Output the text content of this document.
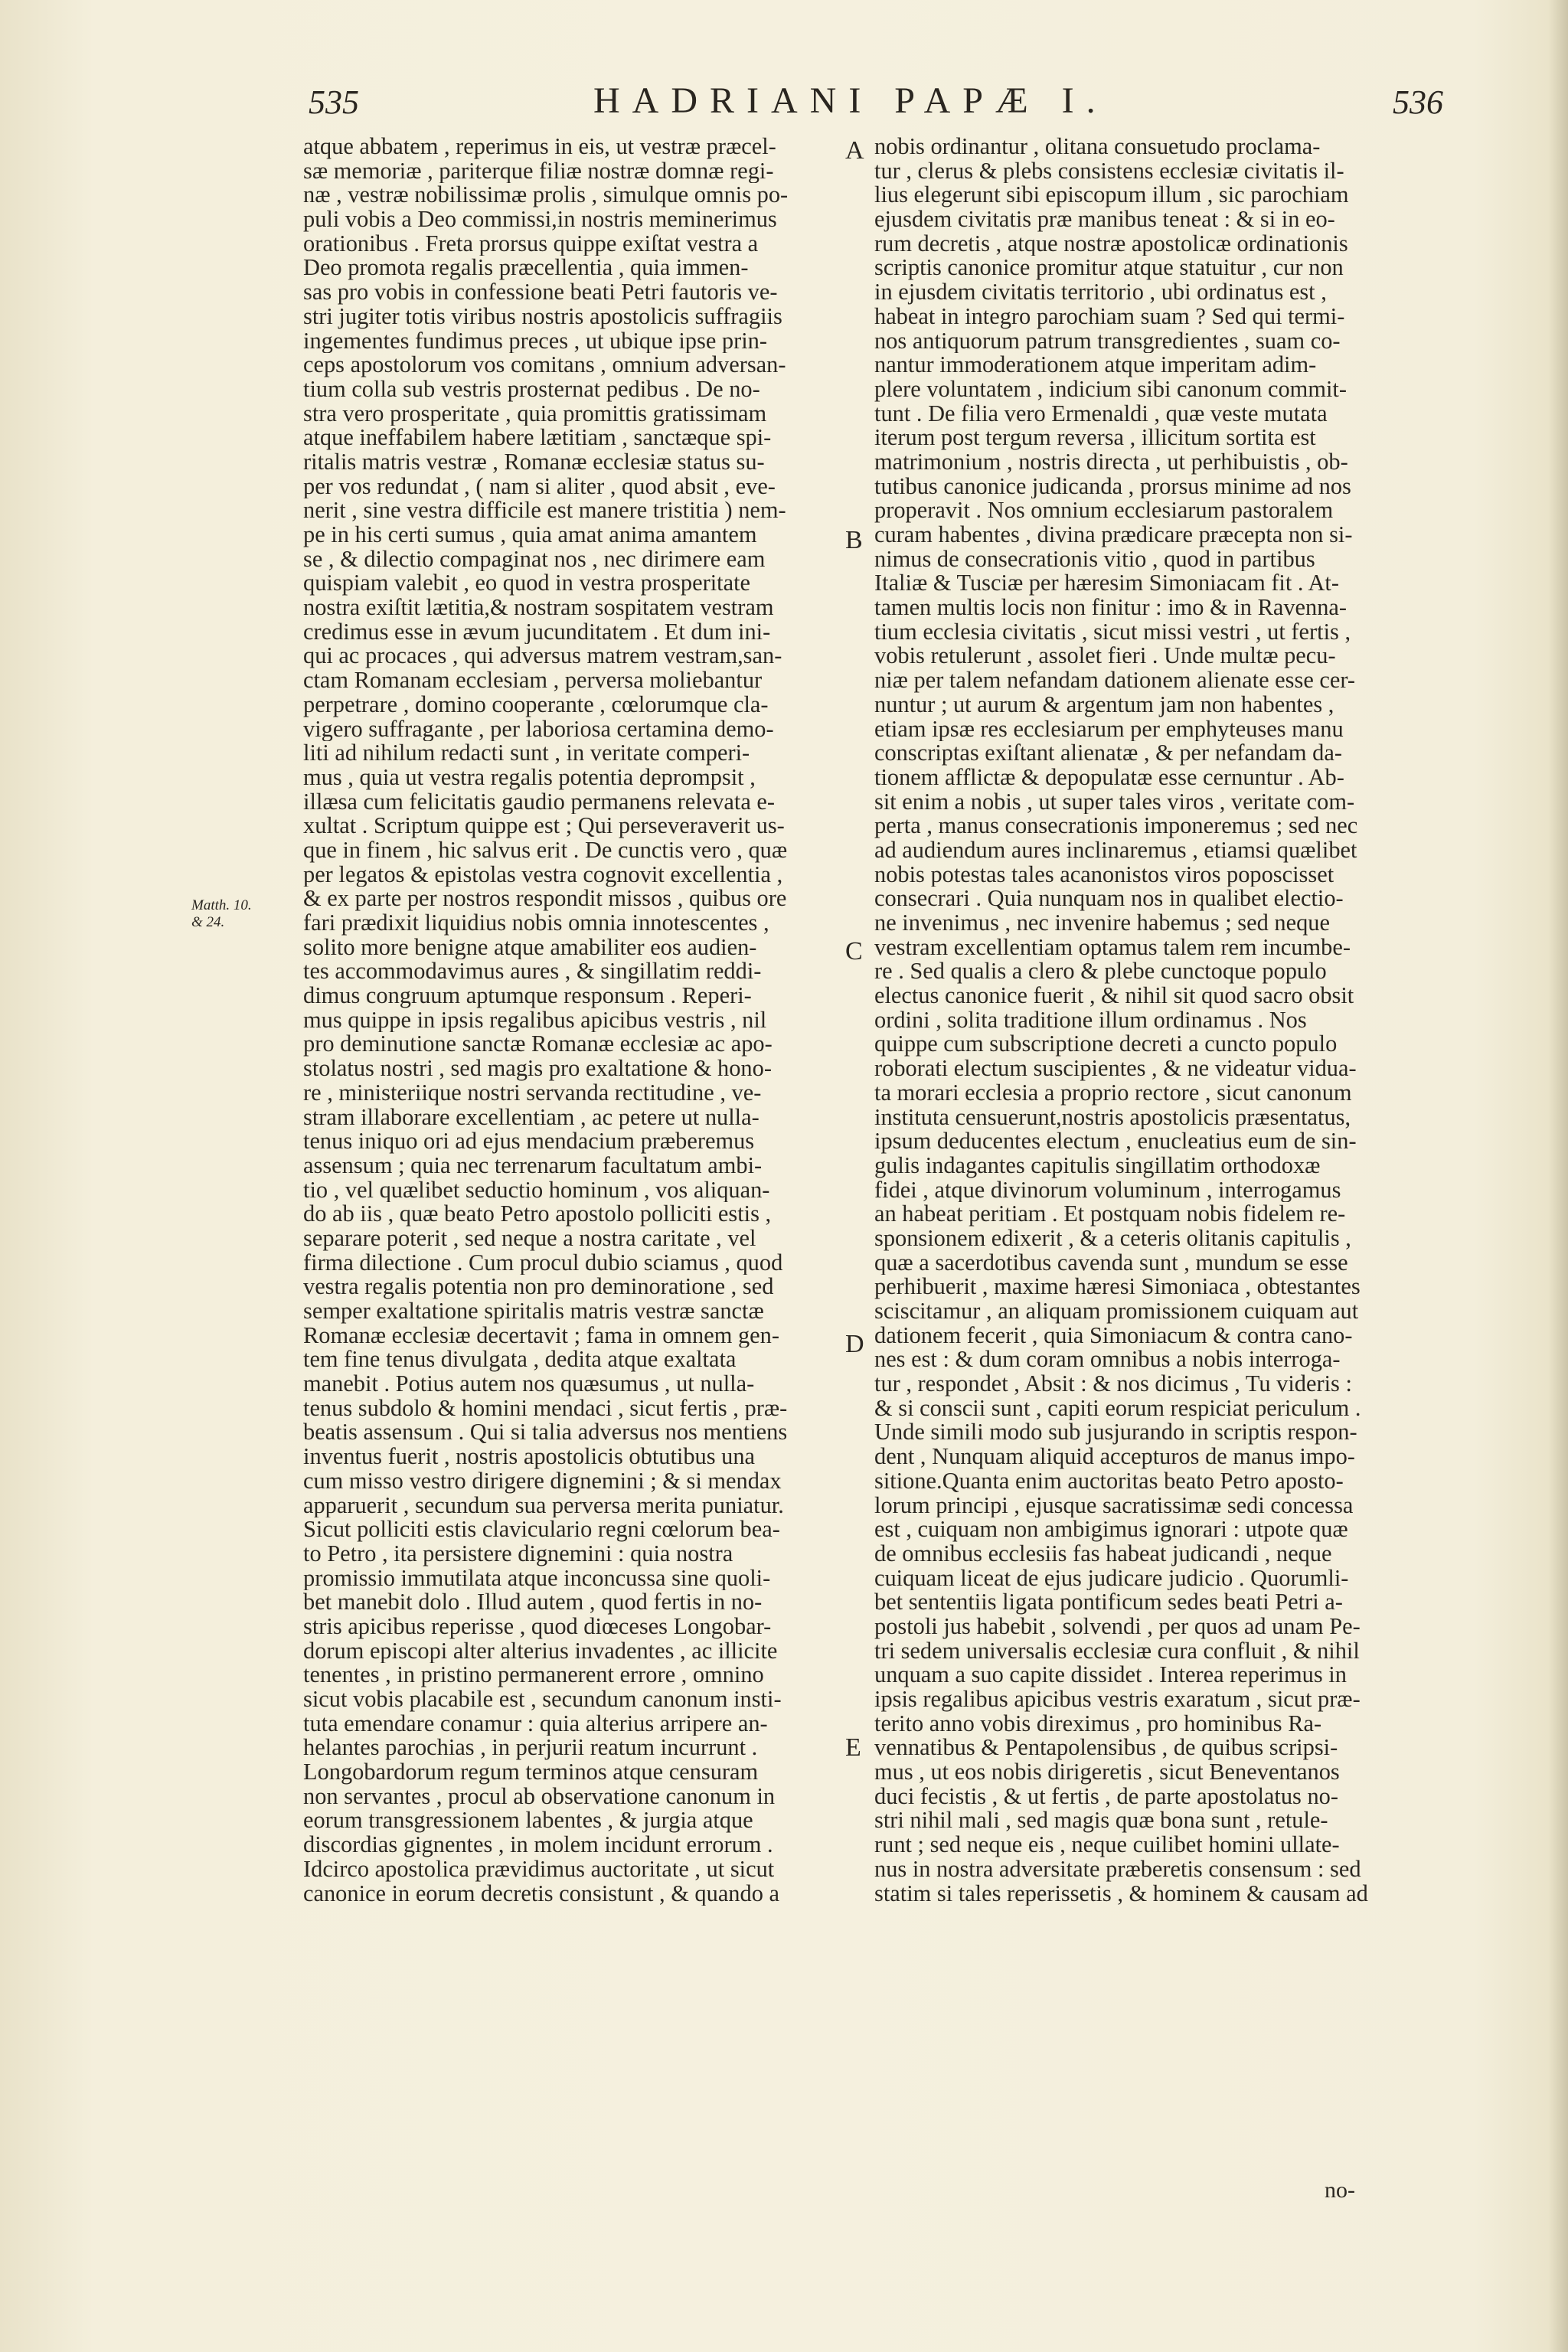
535	HADRIANI PAPÆ I.	536
Matth. 10.
& 24.
A
B
C
D
E
atque abbatem , reperimus in eis, ut vestræ præcel-
sæ memoriæ , pariterque filiæ nostræ domnæ regi-
næ , vestræ nobilissimæ prolis , simulque omnis po-
puli vobis a Deo commissi,in nostris meminerimus
orationibus . Freta prorsus quippe exiſtat vestra a
Deo promota regalis præcellentia , quia immen-
sas pro vobis in confessione beati Petri fautoris ve-
stri jugiter totis viribus nostris apostolicis suffragiis
ingementes fundimus preces , ut ubique ipse prin-
ceps apostolorum vos comitans , omnium adversan-
tium colla sub vestris prosternat pedibus . De no-
stra vero prosperitate , quia promittis gratissimam
atque ineffabilem habere lætitiam , sanctæque spi-
ritalis matris vestræ , Romanæ ecclesiæ status su-
per vos redundat , ( nam si aliter , quod absit , eve-
nerit , sine vestra difficile est manere tristitia ) nem-
pe in his certi sumus , quia amat anima amantem
se , & dilectio compaginat nos , nec dirimere eam
quispiam valebit , eo quod in vestra prosperitate
nostra exiſtit lætitia,& nostram sospitatem vestram
credimus esse in ævum jucunditatem . Et dum ini-
qui ac procaces , qui adversus matrem vestram,san-
ctam Romanam ecclesiam , perversa moliebantur
perpetrare , domino cooperante , cœlorumque cla-
vigero suffragante , per laboriosa certamina demo-
liti ad nihilum redacti sunt , in veritate comperi-
mus , quia ut vestra regalis potentia deprompsit ,
illæsa cum felicitatis gaudio permanens relevata e-
xultat . Scriptum quippe est ; Qui perseveraverit us-
que in finem , hic salvus erit . De cunctis vero , quæ
per legatos & epistolas vestra cognovit excellentia ,
& ex parte per nostros respondit missos , quibus ore
fari prædixit liquidius nobis omnia innotescentes ,
solito more benigne atque amabiliter eos audien-
tes accommodavimus aures , & singillatim reddi-
dimus congruum aptumque responsum . Reperi-
mus quippe in ipsis regalibus apicibus vestris , nil
pro deminutione sanctæ Romanæ ecclesiæ ac apo-
stolatus nostri , sed magis pro exaltatione & hono-
re , ministeriique nostri servanda rectitudine , ve-
stram illaborare excellentiam , ac petere ut nulla-
tenus iniquo ori ad ejus mendacium præberemus
assensum ; quia nec terrenarum facultatum ambi-
tio , vel quælibet seductio hominum , vos aliquan-
do ab iis , quæ beato Petro apostolo polliciti estis ,
separare poterit , sed neque a nostra caritate , vel
firma dilectione . Cum procul dubio sciamus , quod
vestra regalis potentia non pro deminoratione , sed
semper exaltatione spiritalis matris vestræ sanctæ
Romanæ ecclesiæ decertavit ; fama in omnem gen-
tem fine tenus divulgata , dedita atque exaltata
manebit . Potius autem nos quæsumus , ut nulla-
tenus subdolo & homini mendaci , sicut fertis , præ-
beatis assensum . Qui si talia adversus nos mentiens
inventus fuerit , nostris apostolicis obtutibus una
cum misso vestro dirigere dignemini ; & si mendax
apparuerit , secundum sua perversa merita puniatur.
Sicut polliciti estis claviculario regni cœlorum bea-
to Petro , ita persistere dignemini : quia nostra
promissio immutilata atque inconcussa sine quoli-
bet manebit dolo . Illud autem , quod fertis in no-
stris apicibus reperisse , quod diœceses Longobar-
dorum episcopi alter alterius invadentes , ac illicite
tenentes , in pristino permanerent errore , omnino
sicut vobis placabile est , secundum canonum insti-
tuta emendare conamur : quia alterius arripere an-
helantes parochias , in perjurii reatum incurrunt .
Longobardorum regum terminos atque censuram
non servantes , procul ab observatione canonum in
eorum transgressionem labentes , & jurgia atque
discordias gignentes , in molem incidunt errorum .
Idcirco apostolica prævidimus auctoritate , ut sicut
canonice in eorum decretis consistunt , & quando a
nobis ordinantur , olitana consuetudo proclama-
tur , clerus & plebs consistens ecclesiæ civitatis il-
lius elegerunt sibi episcopum illum , sic parochiam
ejusdem civitatis præ manibus teneat : & si in eo-
rum decretis , atque nostræ apostolicæ ordinationis
scriptis canonice promitur atque statuitur , cur non
in ejusdem civitatis territorio , ubi ordinatus est ,
habeat in integro parochiam suam ? Sed qui termi-
nos antiquorum patrum transgredientes , suam co-
nantur immoderationem atque imperitam adim-
plere voluntatem , indicium sibi canonum commit-
tunt . De filia vero Ermenaldi , quæ veste mutata
iterum post tergum reversa , illicitum sortita est
matrimonium , nostris directa , ut perhibuistis , ob-
tutibus canonice judicanda , prorsus minime ad nos
properavit . Nos omnium ecclesiarum pastoralem
curam habentes , divina prædicare præcepta non si-
nimus de consecrationis vitio , quod in partibus
Italiæ & Tusciæ per hæresim Simoniacam fit . At-
tamen multis locis non finitur : imo & in Ravenna-
tium ecclesia civitatis , sicut missi vestri , ut fertis ,
vobis retulerunt , assolet fieri . Unde multæ pecu-
niæ per talem nefandam dationem alienate esse cer-
nuntur ; ut aurum & argentum jam non habentes ,
etiam ipsæ res ecclesiarum per emphyteuses manu
conscriptas exiſtant alienatæ , & per nefandam da-
tionem afflictæ & depopulatæ esse cernuntur . Ab-
sit enim a nobis , ut super tales viros , veritate com-
perta , manus consecrationis imponeremus ; sed nec
ad audiendum aures inclinaremus , etiamsi quælibet
nobis potestas tales acanonistos viros poposcisset
consecrari . Quia nunquam nos in qualibet electio-
ne invenimus , nec invenire habemus ; sed neque
vestram excellentiam optamus talem rem incumbe-
re . Sed qualis a clero & plebe cunctoque populo
electus canonice fuerit , & nihil sit quod sacro obsit
ordini , solita traditione illum ordinamus . Nos
quippe cum subscriptione decreti a cuncto populo
roborati electum suscipientes , & ne videatur vidua-
ta morari ecclesia a proprio rectore , sicut canonum
instituta censuerunt,nostris apostolicis præsentatus,
ipsum deducentes electum , enucleatius eum de sin-
gulis indagantes capitulis singillatim orthodoxæ
fidei , atque divinorum voluminum , interrogamus
an habeat peritiam . Et postquam nobis fidelem re-
sponsionem edixerit , & a ceteris olitanis capitulis ,
quæ a sacerdotibus cavenda sunt , mundum se esse
perhibuerit , maxime hæresi Simoniaca , obtestantes
sciscitamur , an aliquam promissionem cuiquam aut
dationem fecerit , quia Simoniacum & contra cano-
nes est : & dum coram omnibus a nobis interroga-
tur , respondet , Absit : & nos dicimus , Tu videris :
& si conscii sunt , capiti eorum respiciat periculum .
Unde simili modo sub jusjurando in scriptis respon-
dent , Nunquam aliquid accepturos de manus impo-
sitione.Quanta enim auctoritas beato Petro aposto-
lorum principi , ejusque sacratissimæ sedi concessa
est , cuiquam non ambigimus ignorari : utpote quæ
de omnibus ecclesiis fas habeat judicandi , neque
cuiquam liceat de ejus judicare judicio . Quorumli-
bet sententiis ligata pontificum sedes beati Petri a-
postoli jus habebit , solvendi , per quos ad unam Pe-
tri sedem universalis ecclesiæ cura confluit , & nihil
unquam a suo capite dissidet . Interea reperimus in
ipsis regalibus apicibus vestris exaratum , sicut præ-
terito anno vobis direximus , pro hominibus Ra-
vennatibus & Pentapolensibus , de quibus scripsi-
mus , ut eos nobis dirigeretis , sicut Beneventanos
duci fecistis , & ut fertis , de parte apostolatus no-
stri nihil mali , sed magis quæ bona sunt , retule-
runt ; sed neque eis , neque cuilibet homini ullate-
nus in nostra adversitate præberetis consensum : sed
statim si tales reperissetis , & hominem & causam ad
no-
